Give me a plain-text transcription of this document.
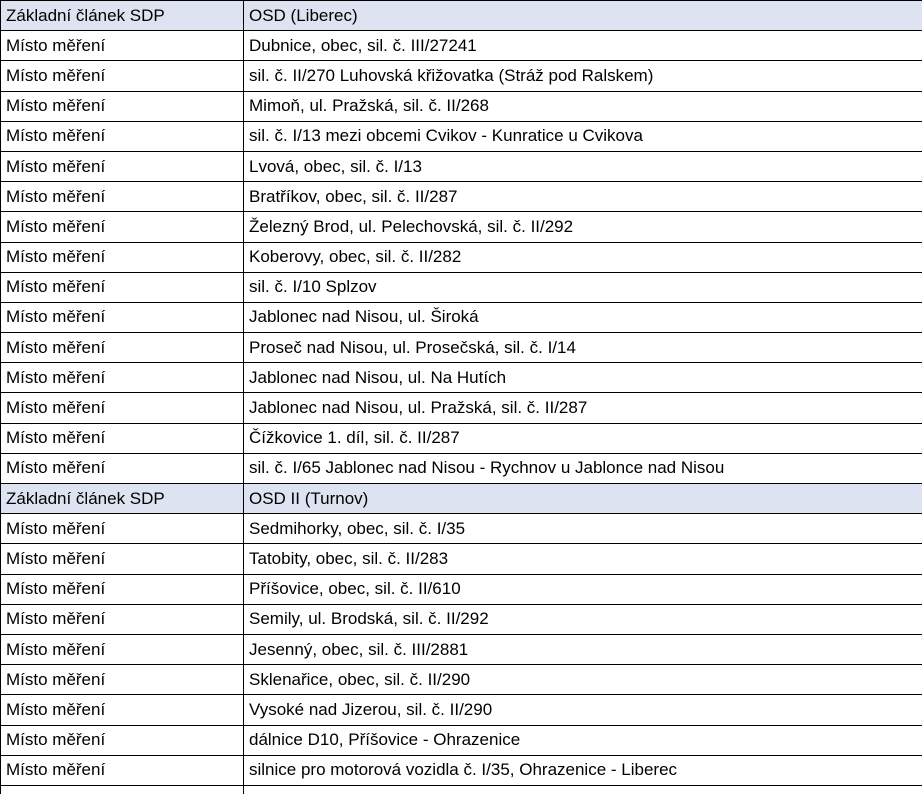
Základní článek SDP	OSD (Liberec)
Místo měření	Dubnice, obec, sil. č. III/27241
Místo měření	sil. č. II/270 Luhovská křižovatka (Stráž pod Ralskem)
Místo měření	Mimoň, ul. Pražská, sil. č. II/268
Místo měření	sil. č. I/13 mezi obcemi Cvikov - Kunratice u Cvikova
Místo měření	Lvová, obec, sil. č. I/13
Místo měření	Bratříkov, obec, sil. č. II/287
Místo měření	Železný Brod, ul. Pelechovská, sil. č. II/292
Místo měření	Koberovy, obec, sil. č. II/282
Místo měření	sil. č. I/10 Splzov
Místo měření	Jablonec nad Nisou, ul. Široká
Místo měření	Proseč nad Nisou, ul. Prosečská, sil. č. I/14
Místo měření	Jablonec nad Nisou, ul. Na Hutích
Místo měření	Jablonec nad Nisou, ul. Pražská, sil. č. II/287
Místo měření	Čížkovice 1. díl, sil. č. II/287
Místo měření	sil. č. I/65 Jablonec nad Nisou - Rychnov u Jablonce nad Nisou
Základní článek SDP	OSD II (Turnov)
Místo měření	Sedmihorky, obec, sil. č. I/35
Místo měření	Tatobity, obec, sil. č. II/283
Místo měření	Příšovice, obec, sil. č. II/610
Místo měření	Semily, ul. Brodská, sil. č. II/292
Místo měření	Jesenný, obec, sil. č. III/2881
Místo měření	Sklenařice, obec, sil. č. II/290
Místo měření	Vysoké nad Jizerou, sil. č. II/290
Místo měření	dálnice D10, Příšovice - Ohrazenice
Místo měření	silnice pro motorová vozidla č. I/35, Ohrazenice - Liberec
